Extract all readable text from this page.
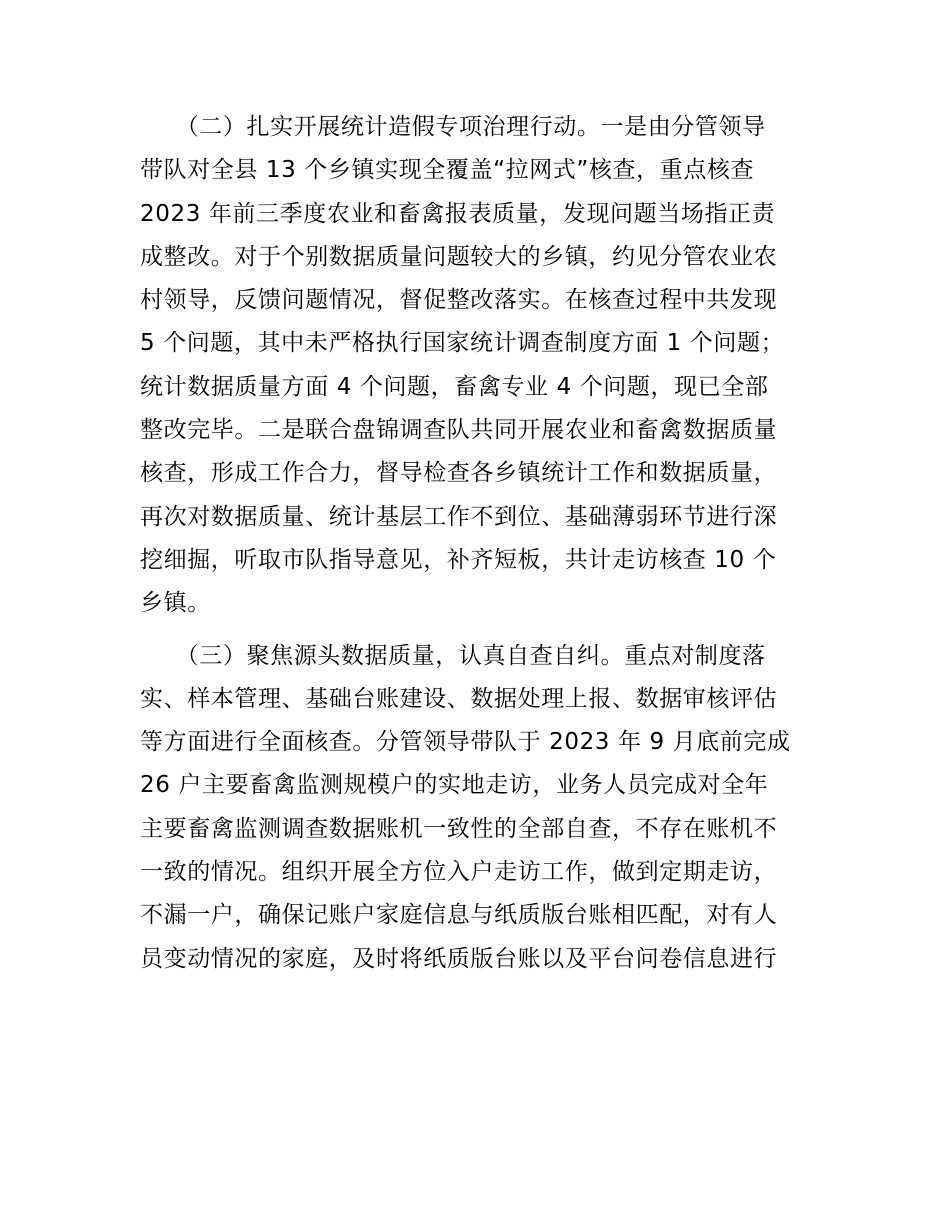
　　（二）扎实开展统计造假专项治理行动。一是由分管领导
带队对全县 13 个乡镇实现全覆盖“拉网式”核查，重点核查
2023 年前三季度农业和畜禽报表质量，发现问题当场指正责
成整改。对于个别数据质量问题较大的乡镇，约见分管农业农
村领导，反馈问题情况，督促整改落实。在核查过程中共发现
5 个问题，其中未严格执行国家统计调查制度方面 1 个问题；
统计数据质量方面 4 个问题，畜禽专业 4 个问题，现已全部
整改完毕。二是联合盘锦调查队共同开展农业和畜禽数据质量
核查，形成工作合力，督导检查各乡镇统计工作和数据质量，
再次对数据质量、统计基层工作不到位、基础薄弱环节进行深
挖细掘，听取市队指导意见，补齐短板，共计走访核查 10 个
乡镇。

　　（三）聚焦源头数据质量，认真自查自纠。重点对制度落
实、样本管理、基础台账建设、数据处理上报、数据审核评估
等方面进行全面核查。分管领导带队于 2023 年 9 月底前完成
26 户主要畜禽监测规模户的实地走访，业务人员完成对全年
主要畜禽监测调查数据账机一致性的全部自查，不存在账机不
一致的情况。组织开展全方位入户走访工作，做到定期走访，
不漏一户，确保记账户家庭信息与纸质版台账相匹配，对有人
员变动情况的家庭，及时将纸质版台账以及平台问卷信息进行
